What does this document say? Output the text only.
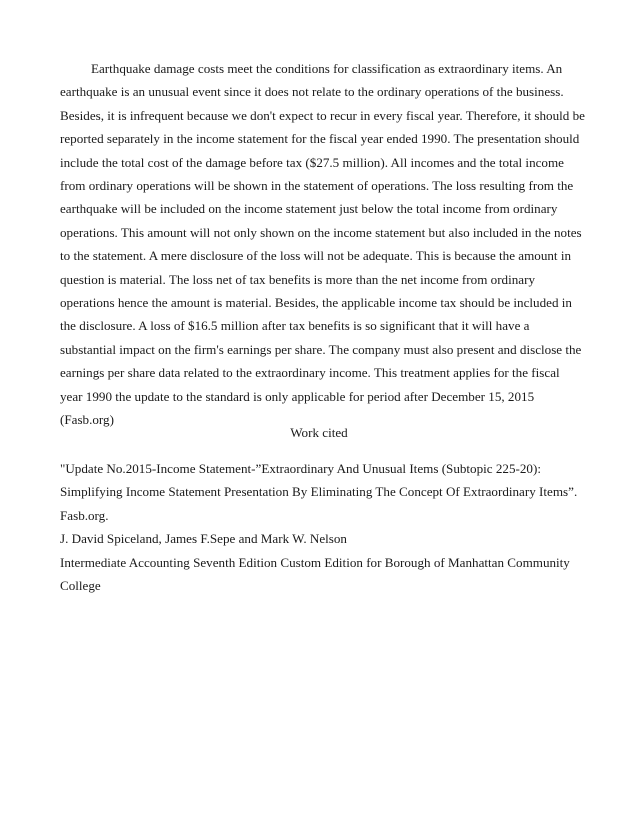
Earthquake damage costs meet the conditions for classification as extraordinary items. An earthquake is an unusual event since it does not relate to the ordinary operations of the business. Besides, it is infrequent because we don't expect to recur in every fiscal year. Therefore, it should be reported separately in the income statement for the fiscal year ended 1990. The presentation should include the total cost of the damage before tax ($27.5 million). All incomes and the total income from ordinary operations will be shown in the statement of operations. The loss resulting from the earthquake will be included on the income statement just below the total income from ordinary operations. This amount will not only shown on the income statement but also included in the notes to the statement. A mere disclosure of the loss will not be adequate. This is because the amount in question is material. The loss net of tax benefits is more than the net income from ordinary operations hence the amount is material. Besides, the applicable income tax should be included in the disclosure. A loss of $16.5 million after tax benefits is so significant that it will have a substantial impact on the firm's earnings per share. The company must also present and disclose the earnings per share data related to the extraordinary income. This treatment applies for the fiscal year 1990 the update to the standard is only applicable for period after December 15, 2015 (Fasb.org)

Work cited

"Update No.2015-Income Statement-”Extraordinary And Unusual Items (Subtopic 225-20): Simplifying Income Statement Presentation By Eliminating The Concept Of Extraordinary Items”. Fasb.org.
J. David Spiceland, James F.Sepe and Mark W. Nelson
Intermediate Accounting Seventh Edition Custom Edition for Borough of Manhattan Community College
